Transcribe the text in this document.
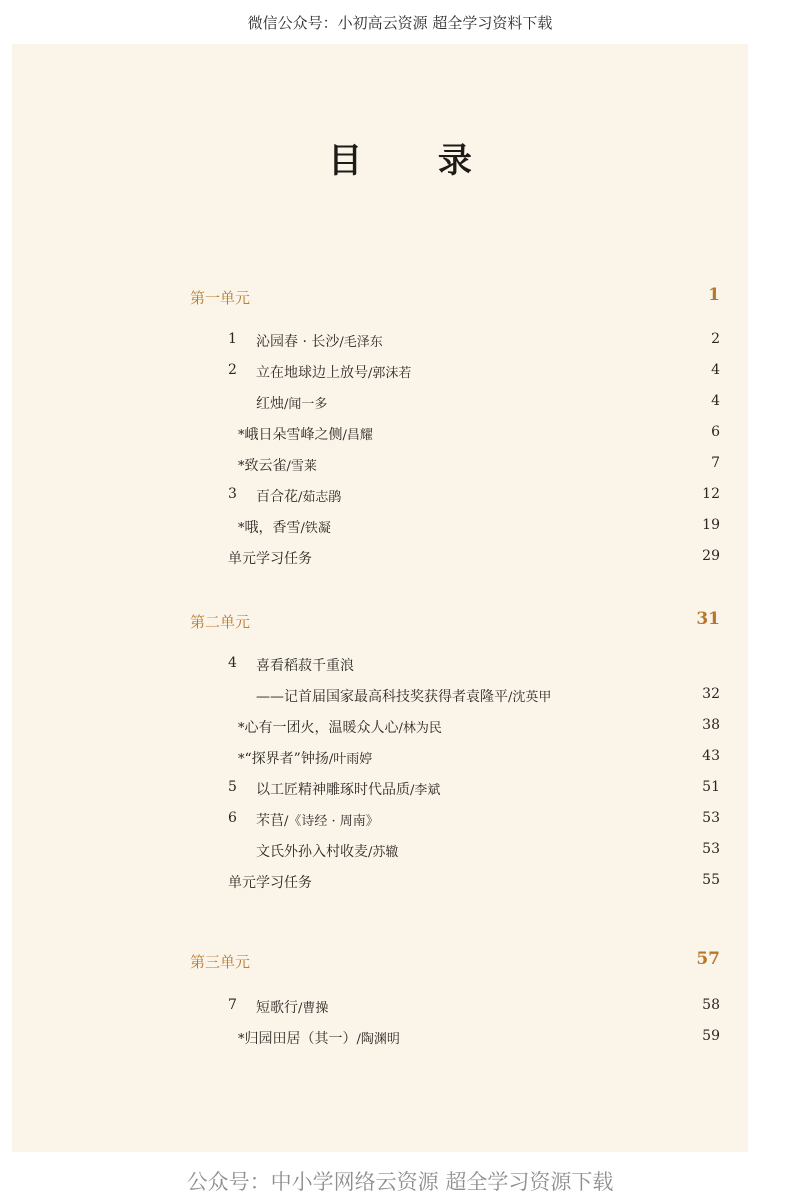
微信公众号：小初高云资源 超全学习资料下载
目 录
第一单元	1
1	沁园春 · 长沙/毛泽东	2
2	立在地球边上放号/郭沫若	4
红烛/闻一多	4
*峨日朵雪峰之侧/昌耀	6
*致云雀/雪莱	7
3	百合花/茹志鹃	12
*哦，香雪/铁凝	19
单元学习任务	29
第二单元	31
4	喜看稻菽千重浪
——记首届国家最高科技奖获得者袁隆平/沈英甲	32
*心有一团火，温暖众人心/林为民	38
*“探界者”钟扬/叶雨婷	43
5	以工匠精神雕琢时代品质/李斌	51
6	芣苢/《诗经 · 周南》	53
文氏外孙入村收麦/苏辙	53
单元学习任务	55
第三单元	57
7	短歌行/曹操	58
*归园田居（其一）/陶渊明	59
公众号：中小学网络云资源 超全学习资源下载
